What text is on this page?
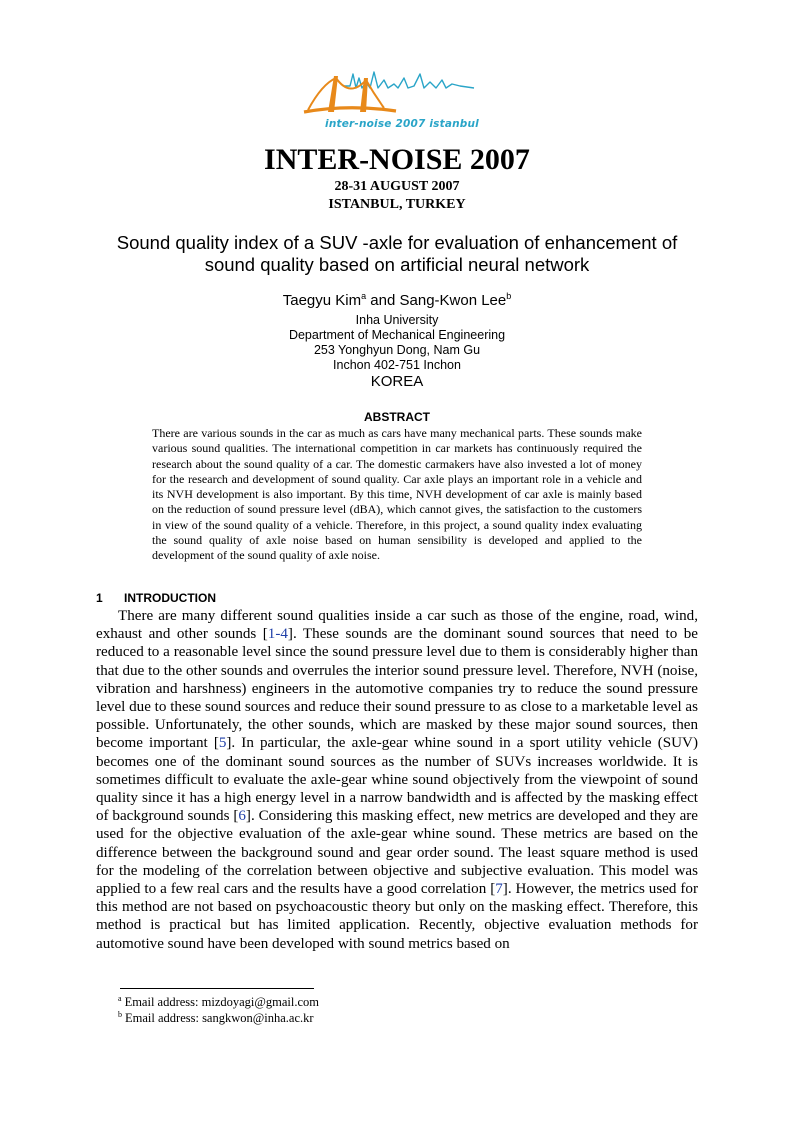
inter-noise 2007 istanbul
INTER-NOISE 2007
28-31 AUGUST 2007
ISTANBUL, TURKEY
Sound quality index of a SUV -axle for evaluation of enhancement of
sound quality based on artificial neural network
Taegyu Kim$^a$ and Sang-Kwon Lee$^b$
Inha University
Department of Mechanical Engineering
253 Yonghyun Dong, Nam Gu
Inchon 402-751 Inchon
KOREA
ABSTRACT

There are various sounds in the car as much as cars have many mechanical parts. These sounds make various sound qualities. The international competition in car markets has continuously required the research about the sound quality of a car. The domestic carmakers have also invested a lot of money for the research and development of sound quality. Car axle plays an important role in a vehicle and its NVH development is also important. By this time, NVH development of car axle is mainly based on the reduction of sound pressure level (dBA), which cannot gives, the satisfaction to the customers in view of the sound quality of a vehicle. Therefore, in this project, a sound quality index evaluating the sound quality of axle noise based on human sensibility is developed and applied to the development of the sound quality of axle noise.

1 INTRODUCTION

There are many different sound qualities inside a car such as those of the engine, road, wind, exhaust and other sounds [1-4]. These sounds are the dominant sound sources that need to be reduced to a reasonable level since the sound pressure level due to them is considerably higher than that due to the other sounds and overrules the interior sound pressure level. Therefore, NVH (noise, vibration and harshness) engineers in the automotive companies try to reduce the sound pressure level due to these sound sources and reduce their sound pressure to as close to a marketable level as possible. Unfortunately, the other sounds, which are masked by these major sound sources, then become important [5]. In particular, the axle-gear whine sound in a sport utility vehicle (SUV) becomes one of the dominant sound sources as the number of SUVs increases worldwide. It is sometimes difficult to evaluate the axle-gear whine sound objectively from the viewpoint of sound quality since it has a high energy level in a narrow bandwidth and is affected by the masking effect of background sounds [6]. Considering this masking effect, new metrics are developed and they are used for the objective evaluation of the axle-gear whine sound. These metrics are based on the difference between the background sound and gear order sound. The least square method is used for the modeling of the correlation between objective and subjective evaluation. This model was applied to a few real cars and the results have a good correlation [7]. However, the metrics used for this method are not based on psychoacoustic theory but only on the masking effect. Therefore, this method is practical but has limited application. Recently, objective evaluation methods for automotive sound have been developed with sound metrics based on

$^a$ Email address: mizdoyagi@gmail.com
$^b$ Email address: sangkwon@inha.ac.kr
